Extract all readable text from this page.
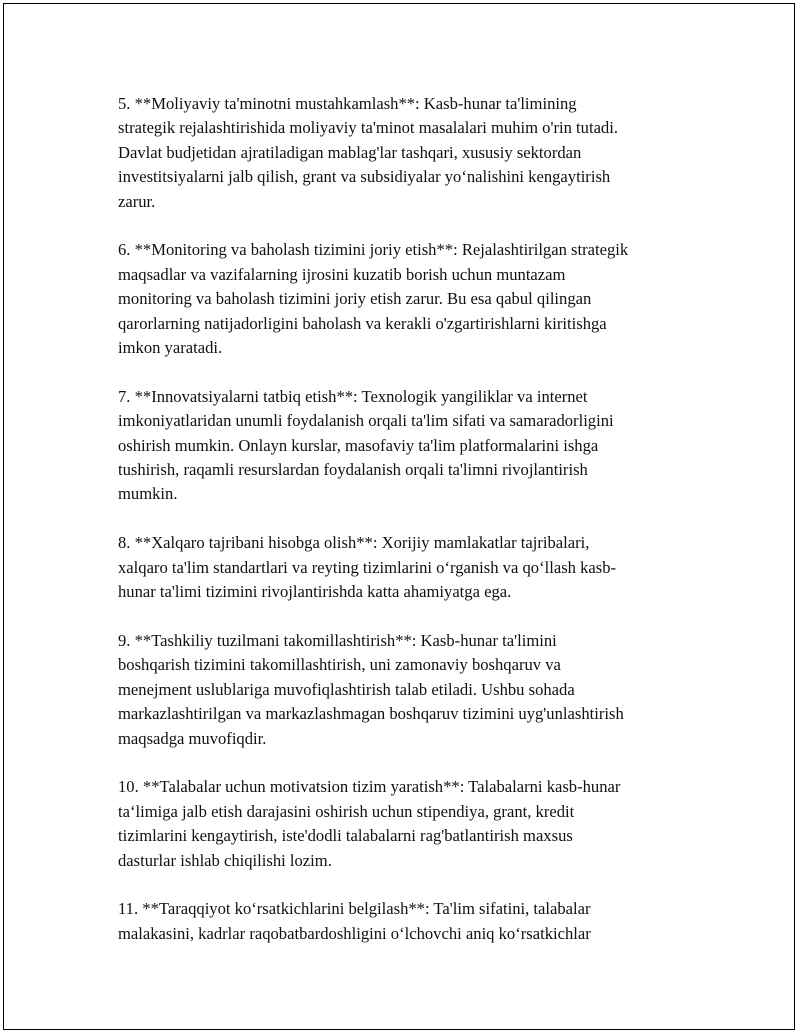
5. **Moliyaviy ta'minotni mustahkamlash**: Kasb-hunar ta'limining
strategik rejalashtirishida moliyaviy ta'minot masalalari muhim o'rin tutadi.
Davlat budjetidan ajratiladigan mablag'lar tashqari, xususiy sektordan
investitsiyalarni jalb qilish, grant va subsidiyalar yoʻnalishini kengaytirish
zarur.

6. **Monitoring va baholash tizimini joriy etish**: Rejalashtirilgan strategik
maqsadlar va vazifalarning ijrosini kuzatib borish uchun muntazam
monitoring va baholash tizimini joriy etish zarur. Bu esa qabul qilingan
qarorlarning natijadorligini baholash va kerakli o'zgartirishlarni kiritishga
imkon yaratadi.

7. **Innovatsiyalarni tatbiq etish**: Texnologik yangiliklar va internet
imkoniyatlaridan unumli foydalanish orqali ta'lim sifati va samaradorligini
oshirish mumkin. Onlayn kurslar, masofaviy ta'lim platformalarini ishga
tushirish, raqamli resurslardan foydalanish orqali ta'limni rivojlantirish
mumkin.

8. **Xalqaro tajribani hisobga olish**: Xorijiy mamlakatlar tajribalari,
xalqaro ta'lim standartlari va reyting tizimlarini oʻrganish va qoʻllash kasb-
hunar ta'limi tizimini rivojlantirishda katta ahamiyatga ega.

9. **Tashkiliy tuzilmani takomillashtirish**: Kasb-hunar ta'limini
boshqarish tizimini takomillashtirish, uni zamonaviy boshqaruv va
menejment uslublariga muvofiqlashtirish talab etiladi. Ushbu sohada
markazlashtirilgan va markazlashmagan boshqaruv tizimini uyg'unlashtirish
maqsadga muvofiqdir.

10. **Talabalar uchun motivatsion tizim yaratish**: Talabalarni kasb-hunar
taʻlimiga jalb etish darajasini oshirish uchun stipendiya, grant, kredit
tizimlarini kengaytirish, iste'dodli talabalarni rag'batlantirish maxsus
dasturlar ishlab chiqilishi lozim.

11. **Taraqqiyot koʻrsatkichlarini belgilash**: Ta'lim sifatini, talabalar
malakasini, kadrlar raqobatbardoshligini oʻlchovchi aniq koʻrsatkichlar
